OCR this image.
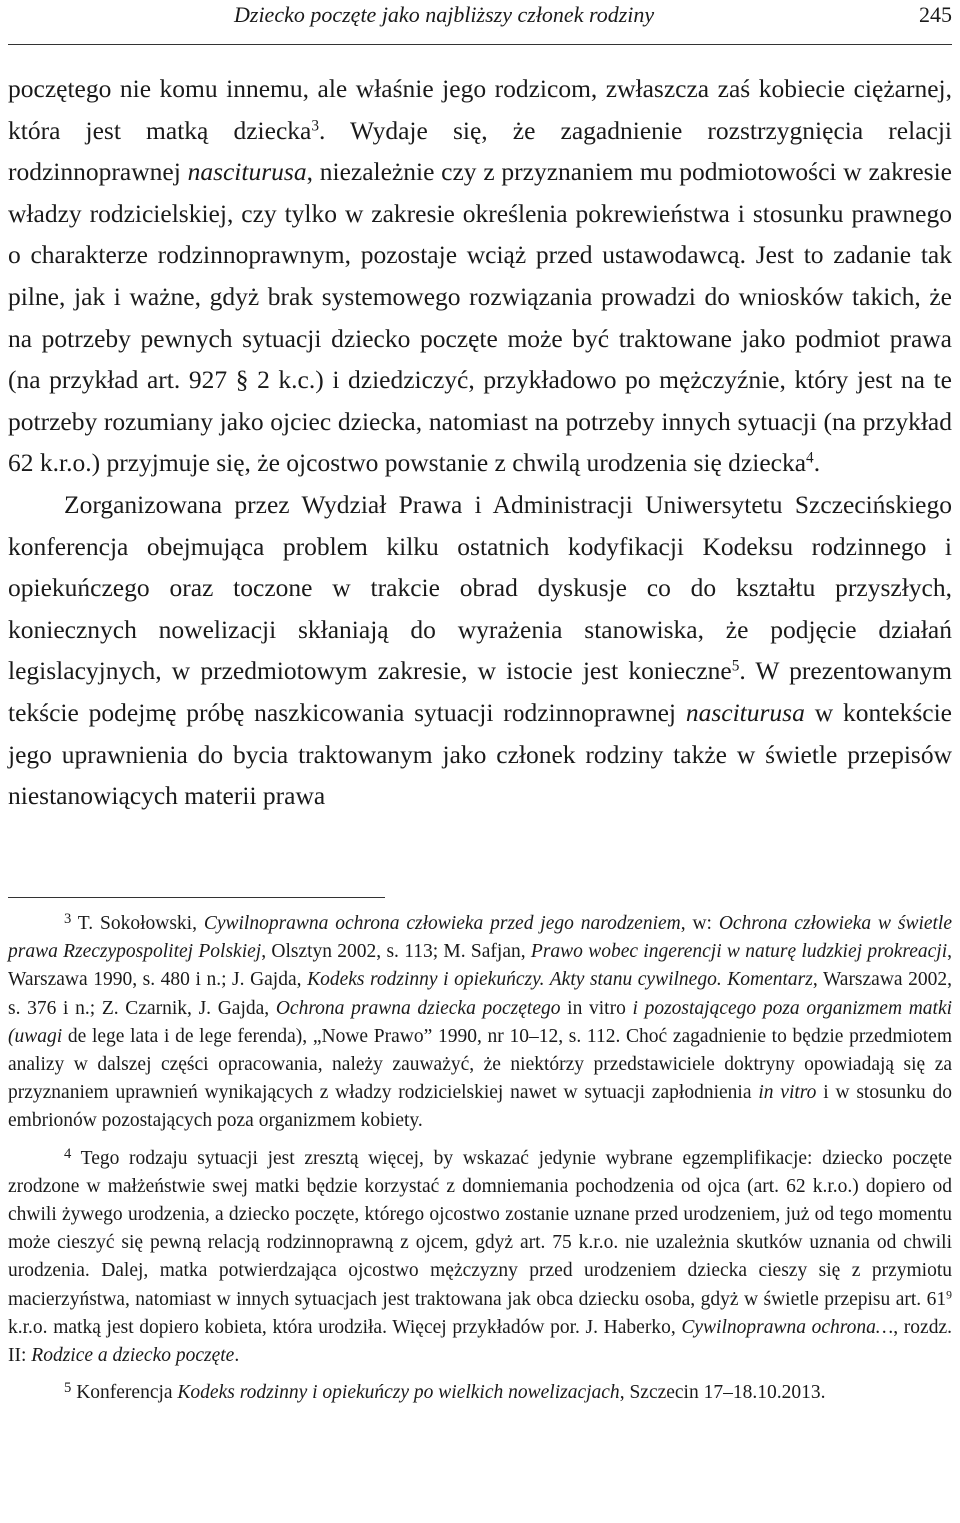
Dziecko poczęte jako najbliższy członek rodziny	245

poczętego nie komu innemu, ale właśnie jego rodzicom, zwłaszcza zaś kobiecie ciężarnej, która jest matką dziecka$^3$. Wydaje się, że zagadnienie rozstrzygnięcia relacji rodzinnoprawnej nasciturusa, niezależnie czy z przyznaniem mu podmiotowości w zakresie władzy rodzicielskiej, czy tylko w zakresie określenia pokrewieństwa i stosunku prawnego o charakterze rodzinnoprawnym, pozostaje wciąż przed ustawodawcą. Jest to zadanie tak pilne, jak i ważne, gdyż brak systemowego rozwiązania prowadzi do wniosków takich, że na potrzeby pewnych sytuacji dziecko poczęte może być traktowane jako podmiot prawa (na przykład art. 927 § 2 k.c.) i dziedziczyć, przykładowo po mężczyźnie, który jest na te potrzeby rozumiany jako ojciec dziecka, natomiast na potrzeby innych sytuacji (na przykład 62 k.r.o.) przyjmuje się, że ojcostwo powstanie z chwilą urodzenia się dziecka$^4$.

Zorganizowana przez Wydział Prawa i Administracji Uniwersytetu Szczecińskiego konferencja obejmująca problem kilku ostatnich kodyfikacji Kodeksu rodzinnego i opiekuńczego oraz toczone w trakcie obrad dyskusje co do kształtu przyszłych, koniecznych nowelizacji skłaniają do wyrażenia stanowiska, że podjęcie działań legislacyjnych, w przedmiotowym zakresie, w istocie jest konieczne$^5$. W prezentowanym tekście podejmę próbę naszkicowania sytuacji rodzinnoprawnej nasciturusa w kontekście jego uprawnienia do bycia traktowanym jako członek rodziny także w świetle przepisów niestanowiących materii prawa

$^3$ T. Sokołowski, Cywilnoprawna ochrona człowieka przed jego narodzeniem, w: Ochrona człowieka w świetle prawa Rzeczypospolitej Polskiej, Olsztyn 2002, s. 113; M. Safjan, Prawo wobec ingerencji w naturę ludzkiej prokreacji, Warszawa 1990, s. 480 i n.; J. Gajda, Kodeks rodzinny i opiekuńczy. Akty stanu cywilnego. Komentarz, Warszawa 2002, s. 376 i n.; Z. Czarnik, J. Gajda, Ochrona prawna dziecka poczętego in vitro i pozostającego poza organizmem matki (uwagi de lege lata i de lege ferenda), „Nowe Prawo” 1990, nr 10–12, s. 112. Choć zagadnienie to będzie przedmiotem analizy w dalszej części opracowania, należy zauważyć, że niektórzy przedstawiciele doktryny opowiadają się za przyznaniem uprawnień wynikających z władzy rodzicielskiej nawet w sytuacji zapłodnienia in vitro i w stosunku do embrionów pozostających poza organizmem kobiety.

$^4$ Tego rodzaju sytuacji jest zresztą więcej, by wskazać jedynie wybrane egzemplifikacje: dziecko poczęte zrodzone w małżeństwie swej matki będzie korzystać z domniemania pochodzenia od ojca (art. 62 k.r.o.) dopiero od chwili żywego urodzenia, a dziecko poczęte, którego ojcostwo zostanie uznane przed urodzeniem, już od tego momentu może cieszyć się pewną relacją rodzinnoprawną z ojcem, gdyż art. 75 k.r.o. nie uzależnia skutków uznania od chwili urodzenia. Dalej, matka potwierdzająca ojcostwo mężczyzny przed urodzeniem dziecka cieszy się z przymiotu macierzyństwa, natomiast w innych sytuacjach jest traktowana jak obca dziecku osoba, gdyż w świetle przepisu art. $61^9$ k.r.o. matką jest dopiero kobieta, która urodziła. Więcej przykładów por. J. Haberko, Cywilnoprawna ochrona…, rozdz. II: Rodzice a dziecko poczęte.

$^5$ Konferencja Kodeks rodzinny i opiekuńczy po wielkich nowelizacjach, Szczecin 17–18.10.2013.
